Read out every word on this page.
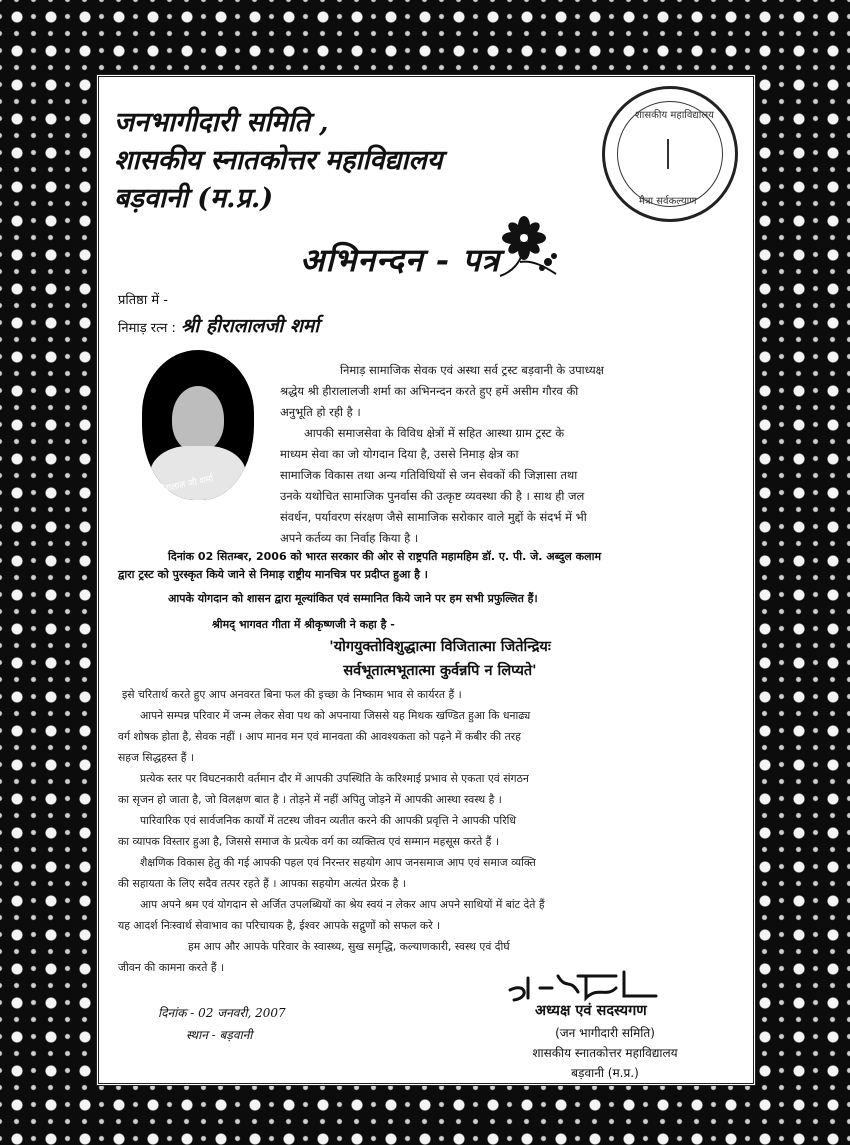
जनभागीदारी समिति ,
शासकीय स्नातकोत्तर महाविद्यालय
बड़वानी (म.प्र.)
शासकीय महाविद्यालय
मैत्रा सर्वकल्याण
अभिनन्दन - पत्र
प्रतिष्ठा में -
निमाड़ रत्न : श्री हीरालालजी शर्मा
श्री हीरालाल जी शर्मा
निमाड़ सामाजिक सेवक एवं अस्था सर्व ट्रस्ट बड़वानी के उपाध्यक्ष
श्रद्धेय श्री हीरालालजी शर्मा का अभिनन्दन करते हुए हमें असीम गौरव की
अनुभूति हो रही है ।
आपकी समाजसेवा के विविध क्षेत्रों में सहित आस्था ग्राम ट्रस्ट के
माध्यम सेवा का जो योगदान दिया है, उससे निमाड़ क्षेत्र का
सामाजिक विकास तथा अन्य गतिविधियों से जन सेवकों की जिज्ञासा तथा
उनके यथोचित सामाजिक पुनर्वास की उत्कृष्ट व्यवस्था की है । साथ ही जल
संवर्धन, पर्यावरण संरक्षण जैसे सामाजिक सरोकार वाले मुद्दों के संदर्भ में भी
अपने कर्तव्य का निर्वाह किया है ।
दिनांक 02 सितम्बर, 2006 को भारत सरकार की ओर से राष्ट्रपति महामहिम डॉ. ए. पी. जे. अब्दुल कलाम
द्वारा ट्रस्ट को पुरस्कृत किये जाने से निमाड़ राष्ट्रीय मानचित्र पर प्रदीप्त हुआ है ।
आपके योगदान को शासन द्वारा मूल्यांकित एवं सम्मानित किये जाने पर हम सभी प्रफुल्लित हैं।
श्रीमद् भागवत गीता में श्रीकृष्णजी ने कहा है -
'योगयुक्तोविशुद्धात्मा विजितात्मा जितेन्द्रियः
सर्वभूतात्मभूतात्मा कुर्वन्नपि न लिप्यते'
इसे चरितार्थ करते हुए आप अनवरत बिना फल की इच्छा के निष्काम भाव से कार्यरत हैं ।
आपने सम्पन्न परिवार में जन्म लेकर सेवा पथ को अपनाया जिससे यह मिथक खण्डित हुआ कि धनाढ्य
वर्ग शोषक होता है, सेवक नहीं । आप मानव मन एवं मानवता की आवश्यकता को पढ़ने में कबीर की तरह
सहज सिद्धहस्त हैं ।
प्रत्येक स्तर पर विघटनकारी वर्तमान दौर में आपकी उपस्थिति के करिश्माई प्रभाव से एकता एवं संगठन
का सृजन हो जाता है, जो विलक्षण बात है । तोड़ने में नहीं अपितु जोड़ने में आपकी आस्था स्वस्थ है ।
पारिवारिक एवं सार्वजनिक कार्यों में तटस्थ जीवन व्यतीत करने की आपकी प्रवृत्ति ने आपकी परिधि
का व्यापक विस्तार हुआ है, जिससे समाज के प्रत्येक वर्ग का व्यक्तित्व एवं सम्मान महसूस करते हैं ।
शैक्षणिक विकास हेतु की गई आपकी पहल एवं निरन्तर सहयोग आप जनसमाज आप एवं समाज व्यक्ति
की सहायता के लिए सदैव तत्पर रहते हैं । आपका सहयोग अत्यंत प्रेरक है ।
आप अपने श्रम एवं योगदान से अर्जित उपलब्धियों का श्रेय स्वयं न लेकर आप अपने साथियों में बांट देते हैं
यह आदर्श निःस्वार्थ सेवाभाव का परिचायक है, ईश्वर आपके सद्गुणों को सफल करे ।
हम आप और आपके परिवार के स्वास्थ्य, सुख समृद्धि, कल्याणकारी, स्वस्थ एवं दीर्घ
जीवन की कामना करते हैं ।
अध्यक्ष एवं सदस्यगण
(जन भागीदारी समिति)
शासकीय स्नातकोत्तर महाविद्यालय
बड़वानी (म.प्र.)
दिनांक - 02 जनवरी, 2007
स्थान - बड़वानी
